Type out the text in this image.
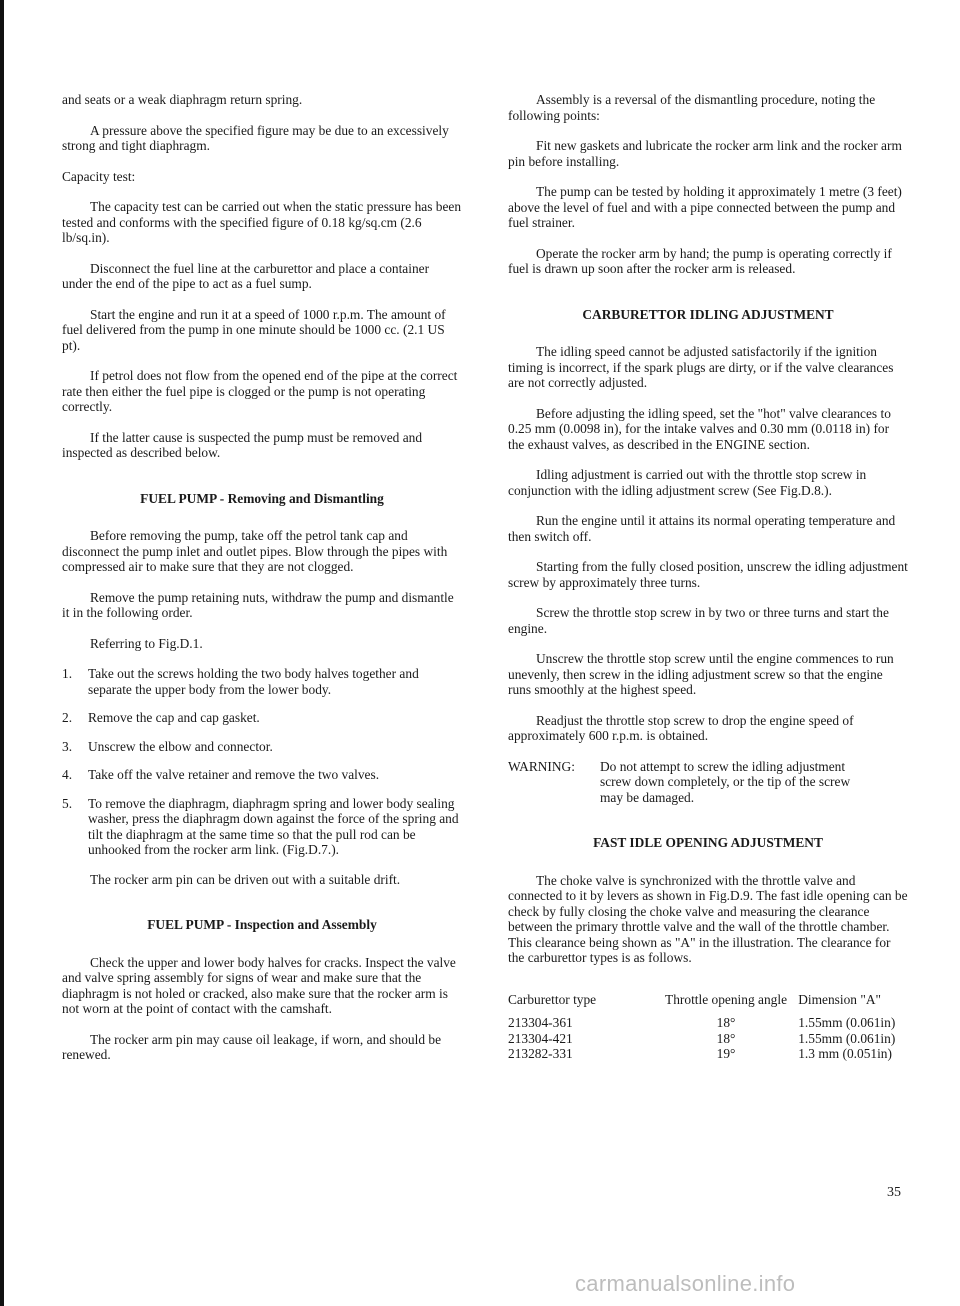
and seats or a weak diaphragm return spring.

A pressure above the specified figure may be due to an excessively strong and tight diaphragm.

Capacity test:

The capacity test can be carried out when the static pressure has been tested and conforms with the specified figure of 0.18 kg/sq.cm (2.6 lb/sq.in).

Disconnect the fuel line at the carburettor and place a container under the end of the pipe to act as a fuel sump.

Start the engine and run it at a speed of 1000 r.p.m. The amount of fuel delivered from the pump in one minute should be 1000 cc. (2.1 US pt).

If petrol does not flow from the opened end of the pipe at the correct rate then either the fuel pipe is clogged or the pump is not operating correctly.

If the latter cause is suspected the pump must be removed and inspected as described below.

FUEL PUMP - Removing and Dismantling

Before removing the pump, take off the petrol tank cap and disconnect the pump inlet and outlet pipes. Blow through the pipes with compressed air to make sure that they are not clogged.

Remove the pump retaining nuts, withdraw the pump and dismantle it in the following order.

Referring to Fig.D.1.

1. Take out the screws holding the two body halves together and separate the upper body from the lower body.
2. Remove the cap and cap gasket.
3. Unscrew the elbow and connector.
4. Take off the valve retainer and remove the two valves.
5. To remove the diaphragm, diaphragm spring and lower body sealing washer, press the diaphragm down against the force of the spring and tilt the diaphragm at the same time so that the pull rod can be unhooked from the rocker arm link. (Fig.D.7.).

The rocker arm pin can be driven out with a suitable drift.

FUEL PUMP - Inspection and Assembly

Check the upper and lower body halves for cracks. Inspect the valve and valve spring assembly for signs of wear and make sure that the diaphragm is not holed or cracked, also make sure that the rocker arm is not worn at the point of contact with the camshaft.

The rocker arm pin may cause oil leakage, if worn, and should be renewed.

Assembly is a reversal of the dismantling procedure, noting the following points:

Fit new gaskets and lubricate the rocker arm link and the rocker arm pin before installing.

The pump can be tested by holding it approximately 1 metre (3 feet) above the level of fuel and with a pipe connected between the pump and fuel strainer.

Operate the rocker arm by hand; the pump is operating correctly if fuel is drawn up soon after the rocker arm is released.

CARBURETTOR IDLING ADJUSTMENT

The idling speed cannot be adjusted satisfactorily if the ignition timing is incorrect, if the spark plugs are dirty, or if the valve clearances are not correctly adjusted.

Before adjusting the idling speed, set the "hot" valve clearances to 0.25 mm (0.0098 in), for the intake valves and 0.30 mm (0.0118 in) for the exhaust valves, as described in the ENGINE section.

Idling adjustment is carried out with the throttle stop screw in conjunction with the idling adjustment screw (See Fig.D.8.).

Run the engine until it attains its normal operating temperature and then switch off.

Starting from the fully closed position, unscrew the idling adjustment screw by approximately three turns.

Screw the throttle stop screw in by two or three turns and start the engine.

Unscrew the throttle stop screw until the engine commences to run unevenly, then screw in the idling adjustment screw so that the engine runs smoothly at the highest speed.

Readjust the throttle stop screw to drop the engine speed of approximately 600 r.p.m. is obtained.

WARNING:	Do not attempt to screw the idling adjustment screw down completely, or the tip of the screw may be damaged.
FAST IDLE OPENING ADJUSTMENT

The choke valve is synchronized with the throttle valve and connected to it by levers as shown in Fig.D.9. The fast idle opening can be check by fully closing the choke valve and measuring the clearance between the primary throttle valve and the wall of the throttle chamber. This clearance being shown as "A" in the illustration. The clearance for the carburettor types is as follows.

Carburettor type	Throttle opening angle	Dimension "A"

213304-361	18°	1.55mm (0.061in)
213304-421	18°	1.55mm (0.061in)
213282-331	19°	1.3 mm (0.051in)
35
carmanualsonline.info
